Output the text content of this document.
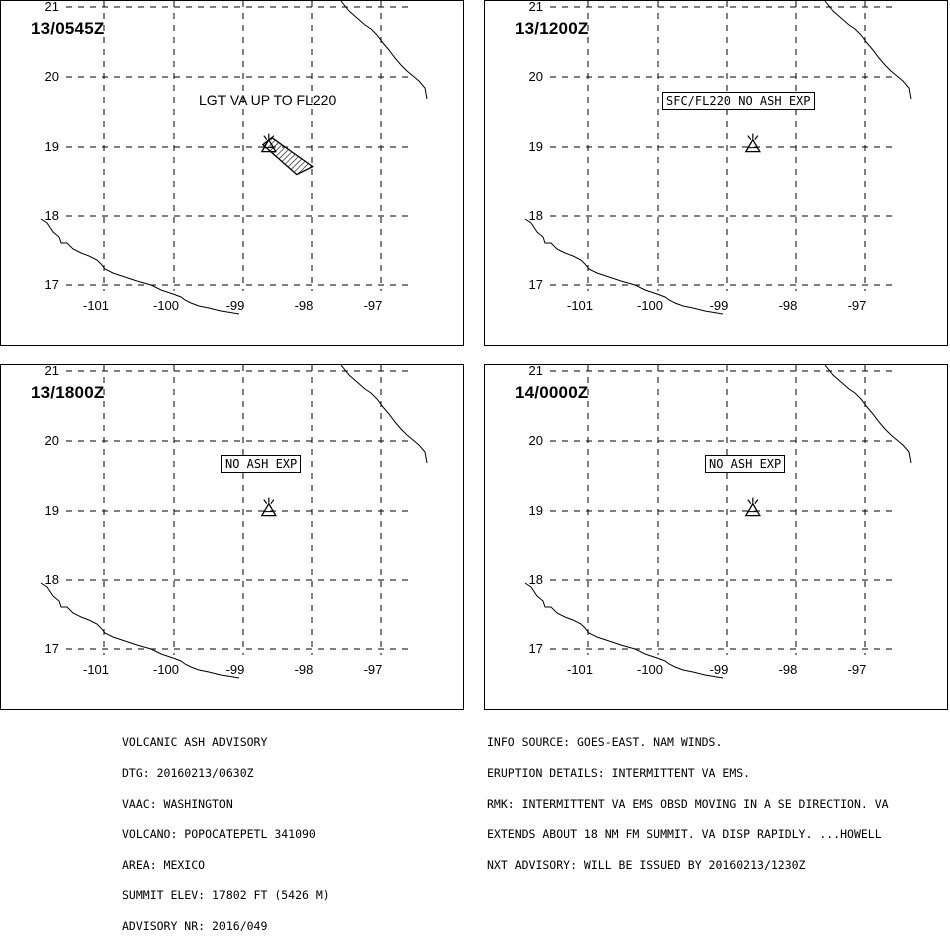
21
20
19
18
17
-101	-100	-99	-98	-97
13/0545Z
LGT VA UP TO FL220
21
20
19
18
17
-101	-100	-99	-98	-97
13/1200Z
SFC/FL220 NO ASH EXP
21
20
19
18
17
-101	-100	-99	-98	-97
13/1800Z
NO ASH EXP
21
20
19
18
17
-101	-100	-99	-98	-97
14/0000Z
NO ASH EXP

VOLCANIC ASH ADVISORY

DTG: 20160213/0630Z

VAAC: WASHINGTON

VOLCANO: POPOCATEPETL 341090

AREA: MEXICO

SUMMIT ELEV: 17802 FT (5426 M)

ADVISORY NR: 2016/049

INFO SOURCE: GOES-EAST. NAM WINDS.

ERUPTION DETAILS: INTERMITTENT VA EMS.

RMK: INTERMITTENT VA EMS OBSD MOVING IN A SE DIRECTION. VA

EXTENDS ABOUT 18 NM FM SUMMIT. VA DISP RAPIDLY. ...HOWELL

NXT ADVISORY: WILL BE ISSUED BY 20160213/1230Z
